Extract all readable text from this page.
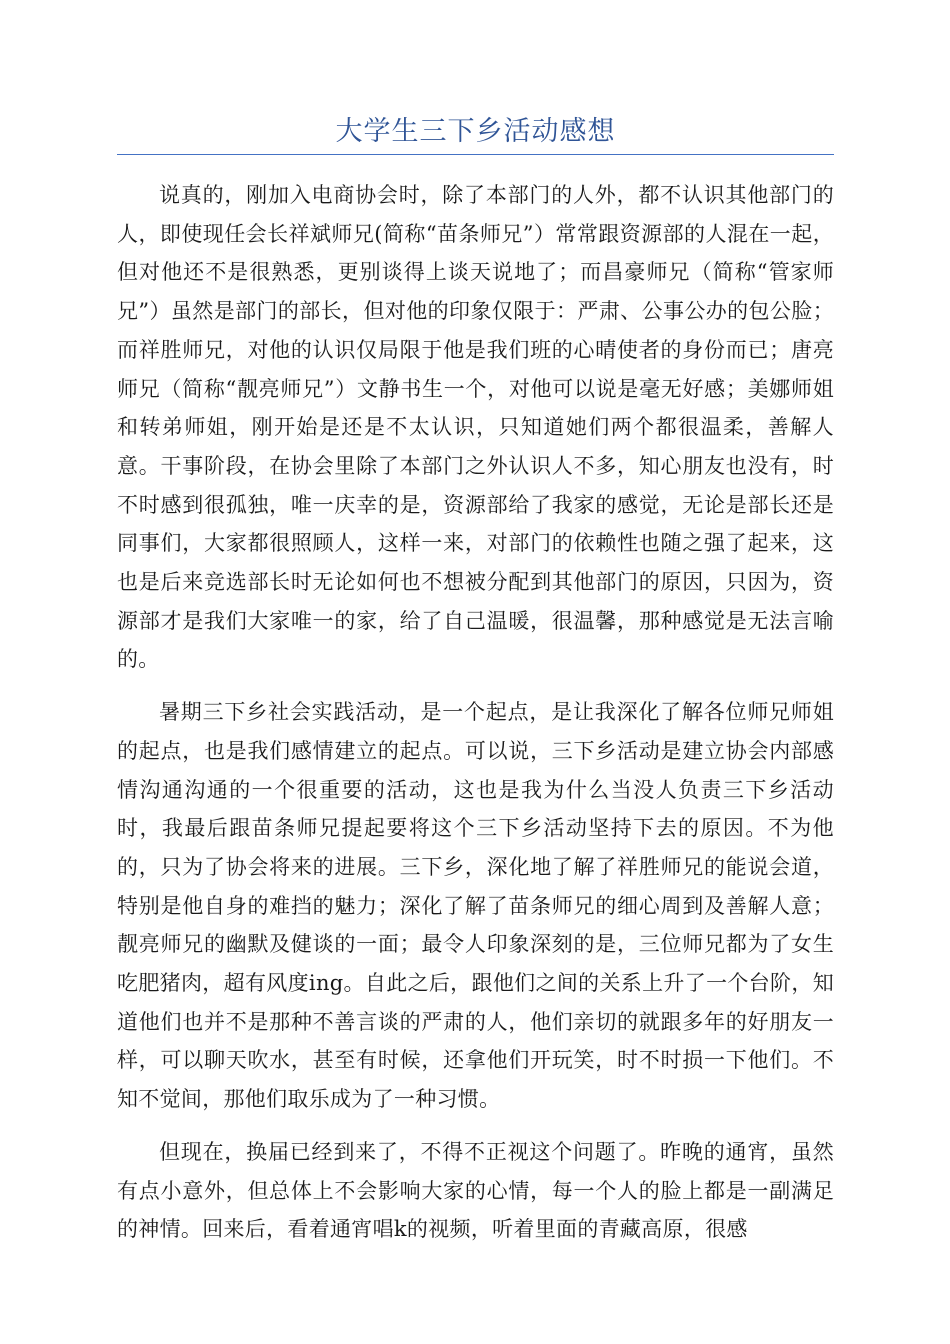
大学生三下乡活动感想

说真的，刚加入电商协会时，除了本部门的人外，都不认识其他部门的人，即使现任会长祥斌师兄(简称“苗条师兄”）常常跟资源部的人混在一起，但对他还不是很熟悉，更别谈得上谈天说地了；而昌豪师兄（简称“管家师兄”）虽然是部门的部长，但对他的印象仅限于：严肃、公事公办的包公脸；而祥胜师兄，对他的认识仅局限于他是我们班的心晴使者的身份而已；唐亮师兄（简称“靓亮师兄”）文静书生一个，对他可以说是毫无好感；美娜师姐和转弟师姐，刚开始是还是不太认识，只知道她们两个都很温柔，善解人意。干事阶段，在协会里除了本部门之外认识人不多，知心朋友也没有，时不时感到很孤独，唯一庆幸的是，资源部给了我家的感觉，无论是部长还是同事们，大家都很照顾人，这样一来，对部门的依赖性也随之强了起来，这也是后来竞选部长时无论如何也不想被分配到其他部门的原因，只因为，资源部才是我们大家唯一的家，给了自己温暖，很温馨，那种感觉是无法言喻的。

暑期三下乡社会实践活动，是一个起点，是让我深化了解各位师兄师姐的起点，也是我们感情建立的起点。可以说，三下乡活动是建立协会内部感情沟通沟通的一个很重要的活动，这也是我为什么当没人负责三下乡活动时，我最后跟苗条师兄提起要将这个三下乡活动坚持下去的原因。不为他的，只为了协会将来的进展。三下乡，深化地了解了祥胜师兄的能说会道，特别是他自身的难挡的魅力；深化了解了苗条师兄的细心周到及善解人意；靓亮师兄的幽默及健谈的一面；最令人印象深刻的是，三位师兄都为了女生吃肥猪肉，超有风度ing。自此之后，跟他们之间的关系上升了一个台阶，知道他们也并不是那种不善言谈的严肃的人，他们亲切的就跟多年的好朋友一样，可以聊天吹水，甚至有时候，还拿他们开玩笑，时不时损一下他们。不知不觉间，那他们取乐成为了一种习惯。

但现在，换届已经到来了，不得不正视这个问题了。昨晚的通宵，虽然有点小意外，但总体上不会影响大家的心情，每一个人的脸上都是一副满足的神情。回来后，看着通宵唱k的视频，听着里面的青藏高原，很感
